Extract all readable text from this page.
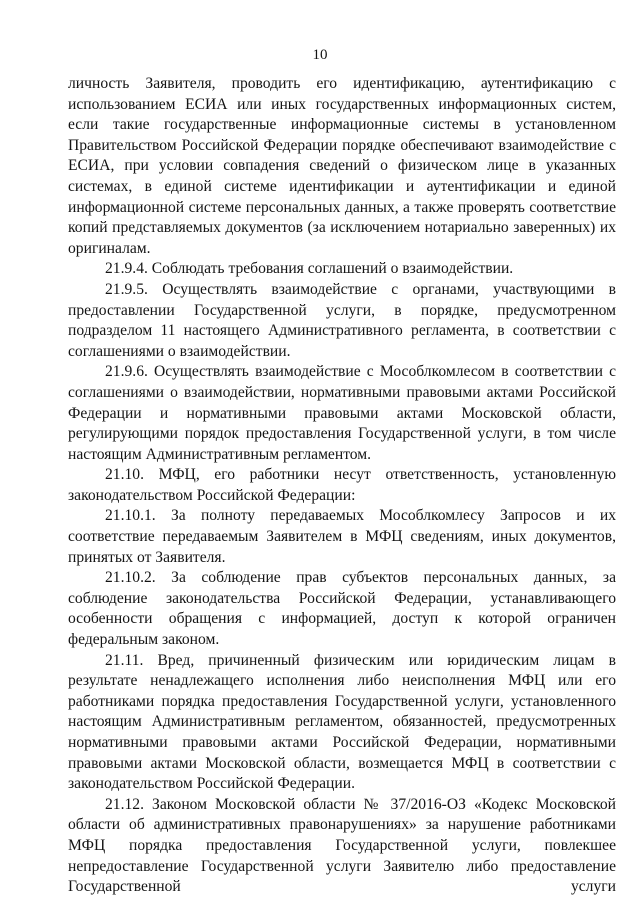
10

личность Заявителя, проводить его идентификацию, аутентификацию с использованием ЕСИА или иных государственных информационных систем, если такие государственные информационные системы в установленном Правительством Российской Федерации порядке обеспечивают взаимодействие с ЕСИА, при условии совпадения сведений о физическом лице в указанных системах, в единой системе идентификации и аутентификации и единой информационной системе персональных данных, а также проверять соответствие копий представляемых документов (за исключением нотариально заверенных) их оригиналам.

21.9.4. Соблюдать требования соглашений о взаимодействии.

21.9.5. Осуществлять взаимодействие с органами, участвующими в предоставлении Государственной услуги, в порядке, предусмотренном подразделом 11 настоящего Административного регламента, в соответствии с соглашениями о взаимодействии.

21.9.6. Осуществлять взаимодействие с Мособлкомлесом в соответствии с соглашениями о взаимодействии, нормативными правовыми актами Российской Федерации и нормативными правовыми актами Московской области, регулирующими порядок предоставления Государственной услуги, в том числе настоящим Административным регламентом.

21.10. МФЦ, его работники несут ответственность, установленную законодательством Российской Федерации:

21.10.1. За полноту передаваемых Мособлкомлесу Запросов и их соответствие передаваемым Заявителем в МФЦ сведениям, иных документов, принятых от Заявителя.

21.10.2. За соблюдение прав субъектов персональных данных, за соблюдение законодательства Российской Федерации, устанавливающего особенности обращения с информацией, доступ к которой ограничен федеральным законом.

21.11. Вред, причиненный физическим или юридическим лицам в результате ненадлежащего исполнения либо неисполнения МФЦ или его работниками порядка предоставления Государственной услуги, установленного настоящим Административным регламентом, обязанностей, предусмотренных нормативными правовыми актами Российской Федерации, нормативными правовыми актами Московской области, возмещается МФЦ в соответствии с законодательством Российской Федерации.

21.12. Законом Московской области № 37/2016-ОЗ «Кодекс Московской области об административных правонарушениях» за нарушение работниками МФЦ порядка предоставления Государственной услуги, повлекшее непредоставление Государственной услуги Заявителю либо предоставление Государственной услуги
